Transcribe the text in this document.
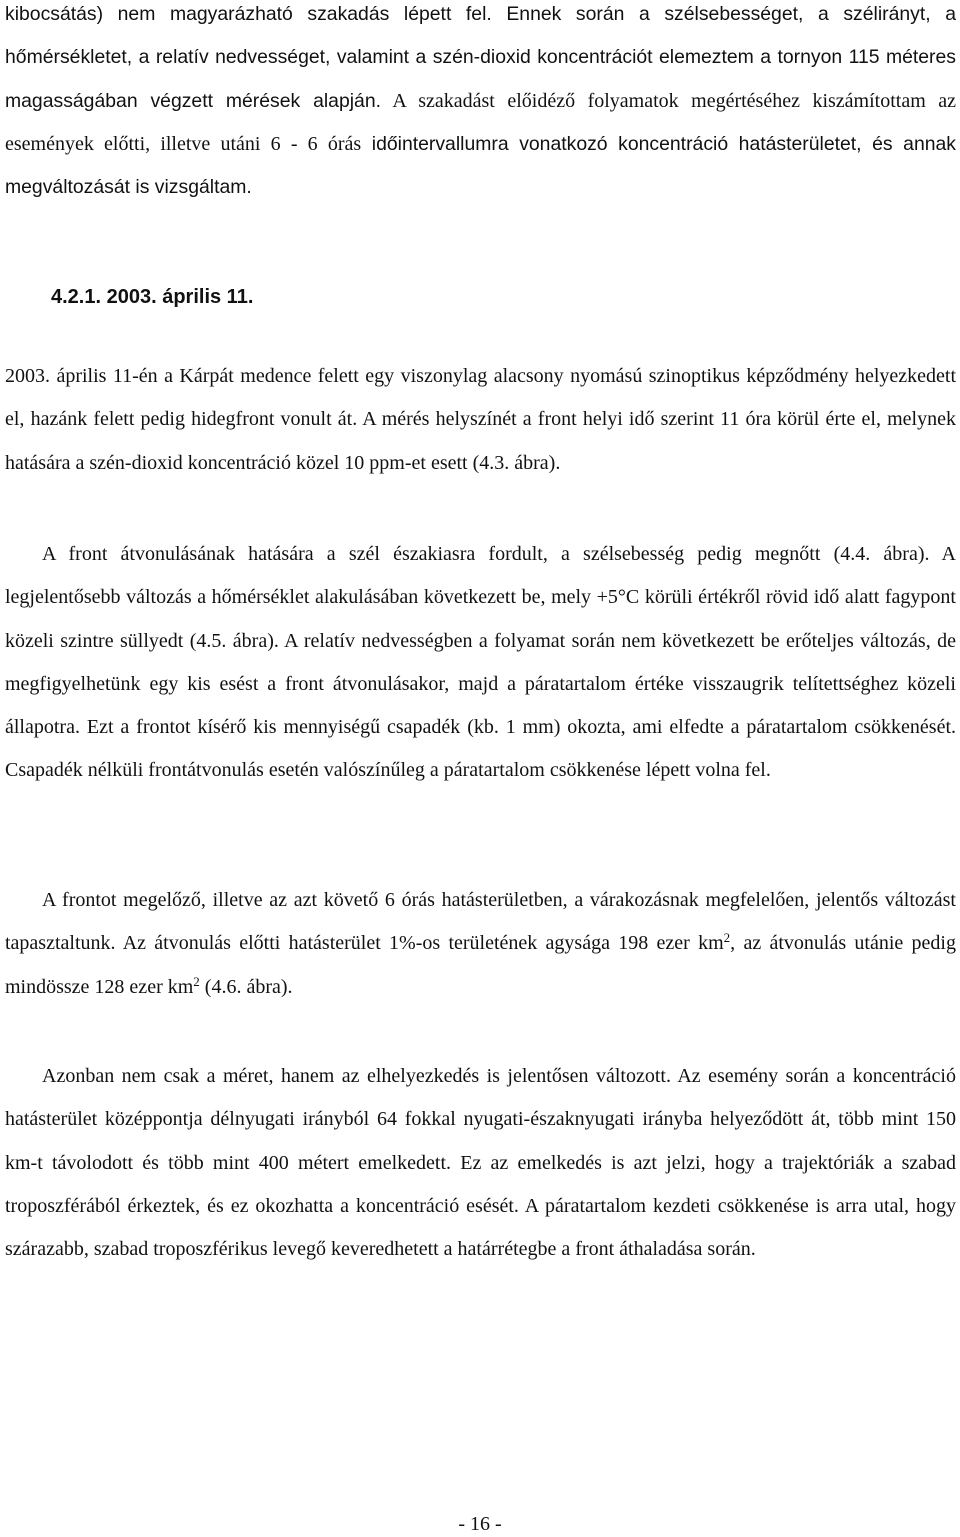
kibocsátás) nem magyarázható szakadás lépett fel. Ennek során a szélsebességet, a szélirányt, a hőmérsékletet, a relatív nedvességet, valamint a szén-dioxid koncentrációt elemeztem a tornyon 115 méteres magasságában végzett mérések alapján. A szakadást előidéző folyamatok megértéséhez kiszámítottam az események előtti, illetve utáni 6 - 6 órás időintervallumra vonatkozó koncentráció hatásterületet, és annak megváltozását is vizsgáltam.

4.2.1. 2003. április 11.

2003. április 11-én a Kárpát medence felett egy viszonylag alacsony nyomású szinoptikus képződmény helyezkedett el, hazánk felett pedig hidegfront vonult át. A mérés helyszínét a front helyi idő szerint 11 óra körül érte el, melynek hatására a szén-dioxid koncentráció közel 10 ppm-et esett (4.3. ábra).

A front átvonulásának hatására a szél északiasra fordult, a szélsebesség pedig megnőtt (4.4. ábra). A legjelentősebb változás a hőmérséklet alakulásában következett be, mely +5°C körüli értékről rövid idő alatt fagypont közeli szintre süllyedt (4.5. ábra). A relatív nedvességben a folyamat során nem következett be erőteljes változás, de megfigyelhetünk egy kis esést a front átvonulásakor, majd a páratartalom értéke visszaugrik telítettséghez közeli állapotra. Ezt a frontot kísérő kis mennyiségű csapadék (kb. 1 mm) okozta, ami elfedte a páratartalom csökkenését. Csapadék nélküli frontátvonulás esetén valószínűleg a páratartalom csökkenése lépett volna fel.

A frontot megelőző, illetve az azt követő 6 órás hatásterületben, a várakozásnak megfelelően, jelentős változást tapasztaltunk. Az átvonulás előtti hatásterület 1%-os területének agysága 198 ezer $km^2$, az átvonulás utánie pedig mindössze 128 ezer $km^2$ (4.6. ábra).

Azonban nem csak a méret, hanem az elhelyezkedés is jelentősen változott. Az esemény során a koncentráció hatásterület középpontja délnyugati irányból 64 fokkal nyugati-északnyugati irányba helyeződött át, több mint 150 km-t távolodott és több mint 400 métert emelkedett. Ez az emelkedés is azt jelzi, hogy a trajektóriák a szabad troposzférából érkeztek, és ez okozhatta a koncentráció esését. A páratartalom kezdeti csökkenése is arra utal, hogy szárazabb, szabad troposzférikus levegő keveredhetett a határrétegbe a front áthaladása során.

- 16 -
